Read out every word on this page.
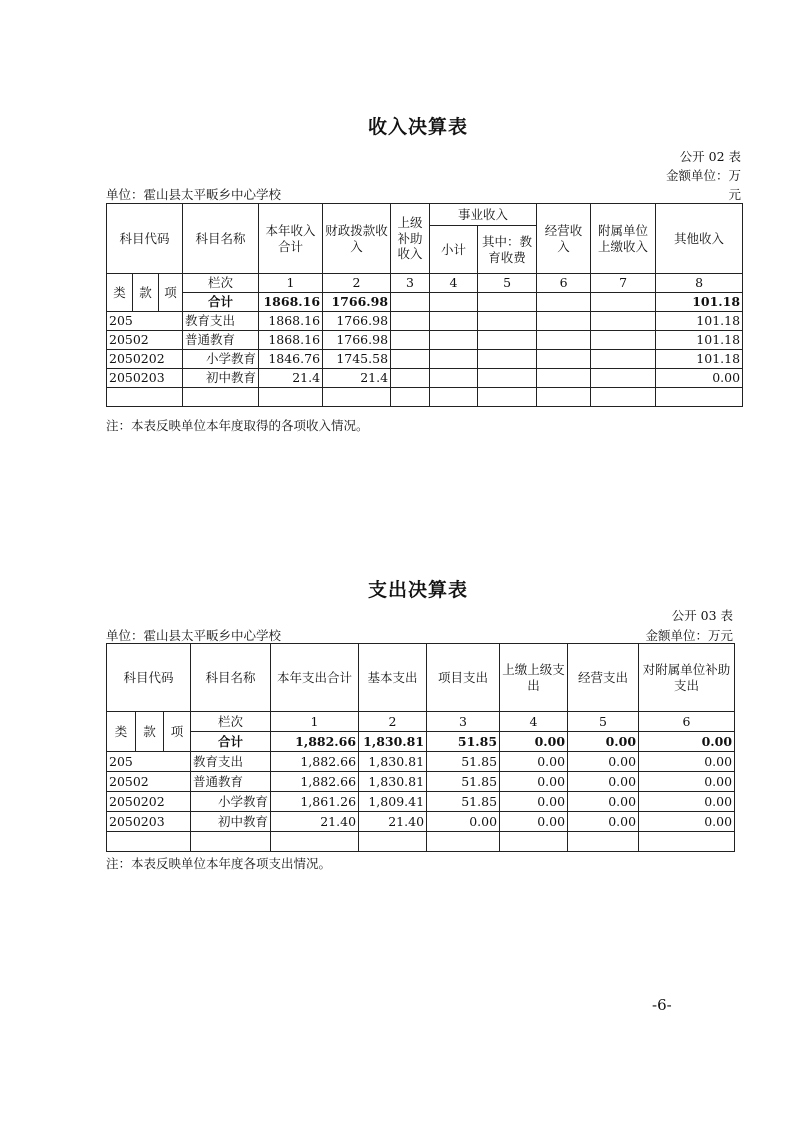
收入决算表
公开 02 表
金额单位：万
单位：霍山县太平畈乡中心学校	元
科目代码			科目名称	本年收入合计	财政拨款收入	上级补助收入	事业收入		经营收入	附属单位上缴收入	其他收入
							小计	其中：教育收费			
类	款	项	栏次	1	2	3	4	5	6	7	8
			合计	1868.16	1766.98						101.18
205			教育支出	1868.16	1766.98						101.18
20502			普通教育	1868.16	1766.98						101.18
2050202			小学教育	1846.76	1745.58						101.18
2050203			初中教育	21.4	21.4						0.00

注：本表反映单位本年度取得的各项收入情况。
支出决算表
公开 03 表
单位：霍山县太平畈乡中心学校	金额单位：万元
科目代码			科目名称	本年支出合计	基本支出	项目支出	上缴上级支出	经营支出	对附属单位补助支出
类	款	项	栏次	1	2	3	4	5	6
			合计	1,882.66	1,830.81	51.85	0.00	0.00	0.00
205			教育支出	1,882.66	1,830.81	51.85	0.00	0.00	0.00
20502			普通教育	1,882.66	1,830.81	51.85	0.00	0.00	0.00
2050202			小学教育	1,861.26	1,809.41	51.85	0.00	0.00	0.00
2050203			初中教育	21.40	21.40	0.00	0.00	0.00	0.00

注：本表反映单位本年度各项支出情况。
-6-
